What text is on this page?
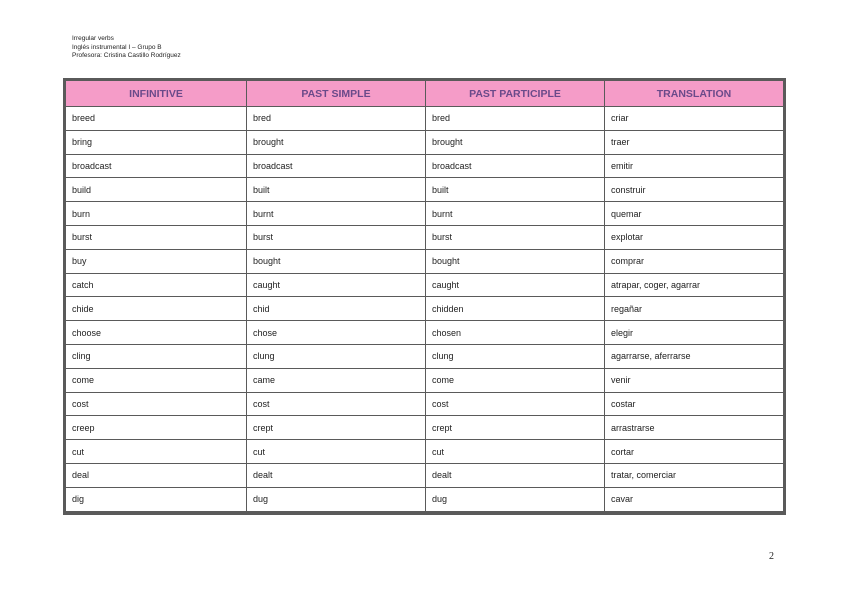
Irregular verbs
Inglés instrumental I – Grupo B
Profesora: Cristina Castillo Rodríguez
INFINITIVE	PAST SIMPLE	PAST PARTICIPLE	TRANSLATION
breed	bred	bred	criar
bring	brought	brought	traer
broadcast	broadcast	broadcast	emitir
build	built	built	construir
burn	burnt	burnt	quemar
burst	burst	burst	explotar
buy	bought	bought	comprar
catch	caught	caught	atrapar, coger, agarrar
chide	chid	chidden	regañar
choose	chose	chosen	elegir
cling	clung	clung	agarrarse, aferrarse
come	came	come	venir
cost	cost	cost	costar
creep	crept	crept	arrastrarse
cut	cut	cut	cortar
deal	dealt	dealt	tratar, comerciar
dig	dug	dug	cavar
2
